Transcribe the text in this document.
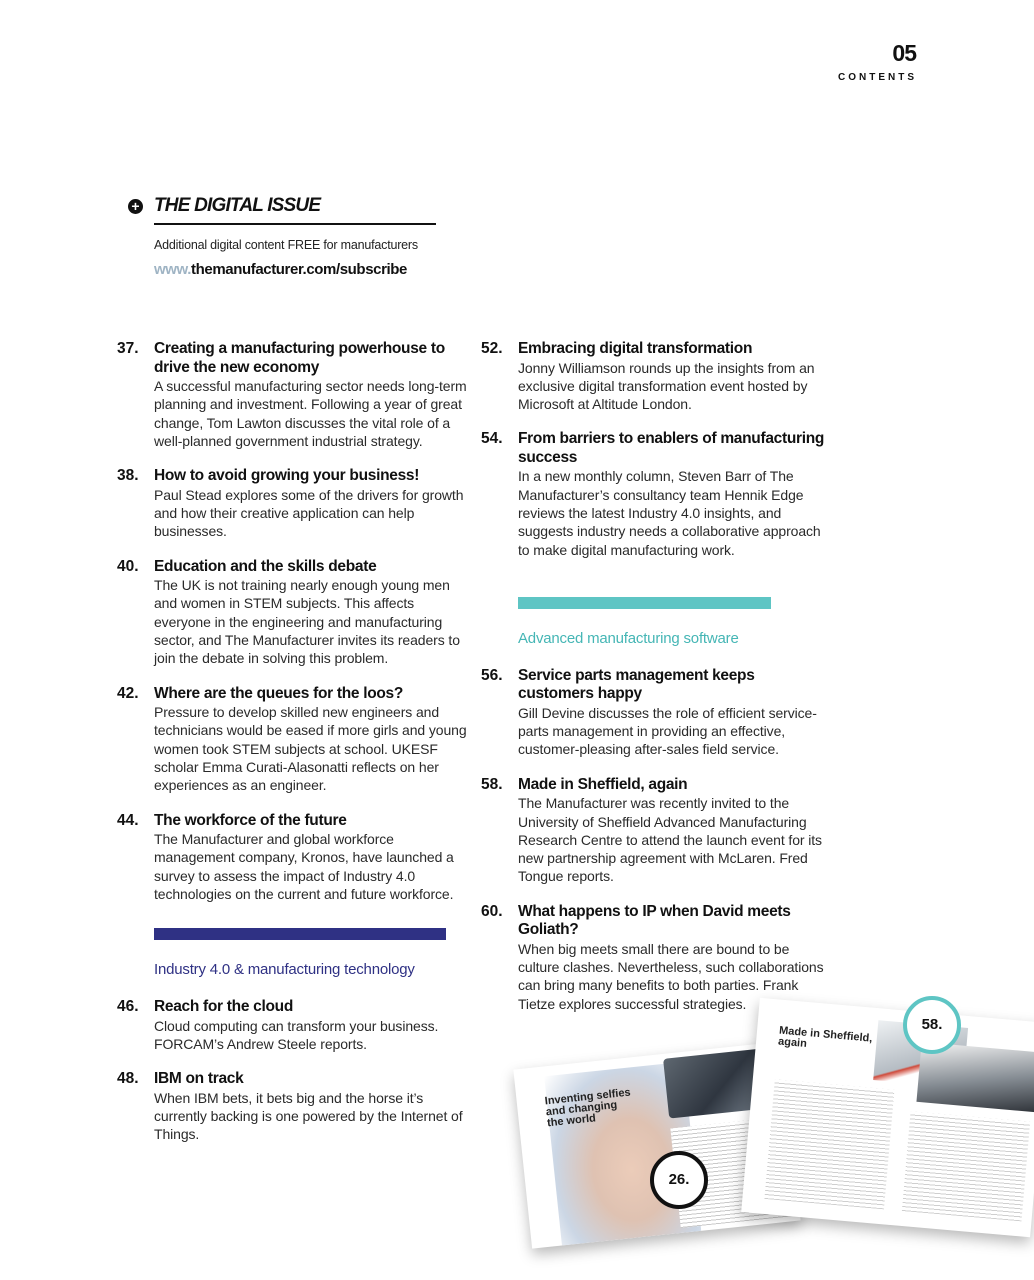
05
CONTENTS
+ THE DIGITAL ISSUE
Additional digital content FREE for manufacturers
www.themanufacturer.com/subscribe
37. Creating a manufacturing powerhouse to drive the new economy
A successful manufacturing sector needs long-term planning and investment. Following a year of great change, Tom Lawton discusses the vital role of a well-planned government industrial strategy.
38. How to avoid growing your business!
Paul Stead explores some of the drivers for growth and how their creative application can help businesses.
40. Education and the skills debate
The UK is not training nearly enough young men and women in STEM subjects. This affects everyone in the engineering and manufacturing sector, and The Manufacturer invites its readers to join the debate in solving this problem.
42. Where are the queues for the loos?
Pressure to develop skilled new engineers and technicians would be eased if more girls and young women took STEM subjects at school. UKESF scholar Emma Curati-Alasonatti reflects on her experiences as an engineer.
44. The workforce of the future
The Manufacturer and global workforce management company, Kronos, have launched a survey to assess the impact of Industry 4.0 technologies on the current and future workforce.
Industry 4.0 & manufacturing technology
46. Reach for the cloud
Cloud computing can transform your business. FORCAM’s Andrew Steele reports.
48. IBM on track
When IBM bets, it bets big and the horse it’s currently backing is one powered by the Internet of Things.
52. Embracing digital transformation
Jonny Williamson rounds up the insights from an exclusive digital transformation event hosted by Microsoft at Altitude London.
54. From barriers to enablers of manufacturing success
In a new monthly column, Steven Barr of The Manufacturer’s consultancy team Hennik Edge reviews the latest Industry 4.0 insights, and suggests industry needs a collaborative approach to make digital manufacturing work.
Advanced manufacturing software
56. Service parts management keeps customers happy
Gill Devine discusses the role of efficient service-parts management in providing an effective, customer-pleasing after-sales field service.
58. Made in Sheffield, again
The Manufacturer was recently invited to the University of Sheffield Advanced Manufacturing Research Centre to attend the launch event for its new partnership agreement with McLaren. Fred Tongue reports.
60. What happens to IP when David meets Goliath?
When big meets small there are bound to be culture clashes. Nevertheless, such collaborations can bring many benefits to both parties. Frank Tietze explores successful strategies.
Inventing selfies and changing the world
Made in Sheffield, again
26.
58.
